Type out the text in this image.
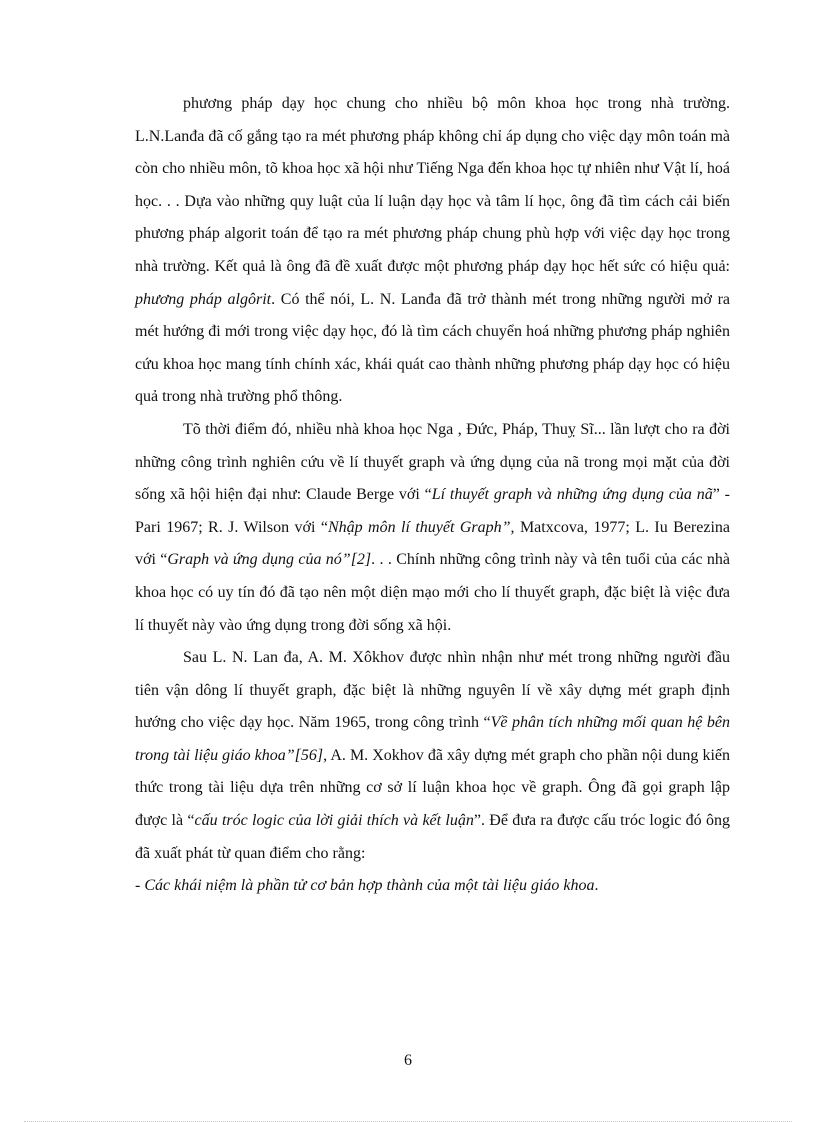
phương pháp dạy học chung cho nhiều bộ môn khoa học trong nhà trường. L.N.Lanđa đã cố gắng tạo ra mét phương pháp không chỉ áp dụng cho việc dạy môn toán mà còn cho nhiều môn, tõ khoa học xã hội như Tiếng Nga đến khoa học tự nhiên như Vật lí, hoá học. . . Dựa vào những quy luật của lí luận dạy học và tâm lí học, ông đã tìm cách cải biến phương pháp algorit toán để tạo ra mét phương pháp chung phù hợp với việc dạy học trong nhà trường. Kết quả là ông đã đề xuất được một phương pháp dạy học hết sức có hiệu quả: phương pháp algôrit. Có thể nói, L. N. Lanđa đã trở thành mét trong những người mở ra mét hướng đi mới trong việc dạy học, đó là tìm cách chuyển hoá những phương pháp nghiên cứu khoa học mang tính chính xác, khái quát cao thành những phương pháp dạy học có hiệu quả trong nhà trường phổ thông.

Tõ thời điểm đó, nhiều nhà khoa học Nga , Đức, Pháp, Thuỵ Sĩ... lần lượt cho ra đời những công trình nghiên cứu về lí thuyết graph và ứng dụng của nã trong mọi mặt của đời sống xã hội hiện đại như: Claude Berge với “Lí thuyết graph và những ứng dụng của nã” - Pari 1967; R. J. Wilson với “Nhập môn lí thuyết Graph”, Matxcova, 1977; L. Iu Berezina với “Graph và ứng dụng của nó”[2]. . . Chính những công trình này và tên tuổi của các nhà khoa học có uy tín đó đã tạo nên một diện mạo mới cho lí thuyết graph, đặc biệt là việc đưa lí thuyết này vào ứng dụng trong đời sống xã hội.

Sau L. N. Lan đa, A. M. Xôkhov được nhìn nhận như mét trong những người đầu tiên vận dông lí thuyết graph, đặc biệt là những nguyên lí về xây dựng mét graph định hướng cho việc dạy học. Năm 1965, trong công trình “Về phân tích những mối quan hệ bên trong tài liệu giáo khoa”[56], A. M. Xokhov đã xây dựng mét graph cho phần nội dung kiến thức trong tài liệu dựa trên những cơ sở lí luận khoa học về graph. Ông đã gọi graph lập được là “cấu tróc logic của lời giải thích và kết luận”. Để đưa ra được cấu tróc logic đó ông đã xuất phát từ quan điểm cho rằng:

- Các khái niệm là phần tử cơ bản hợp thành của một tài liệu giáo khoa.

6
